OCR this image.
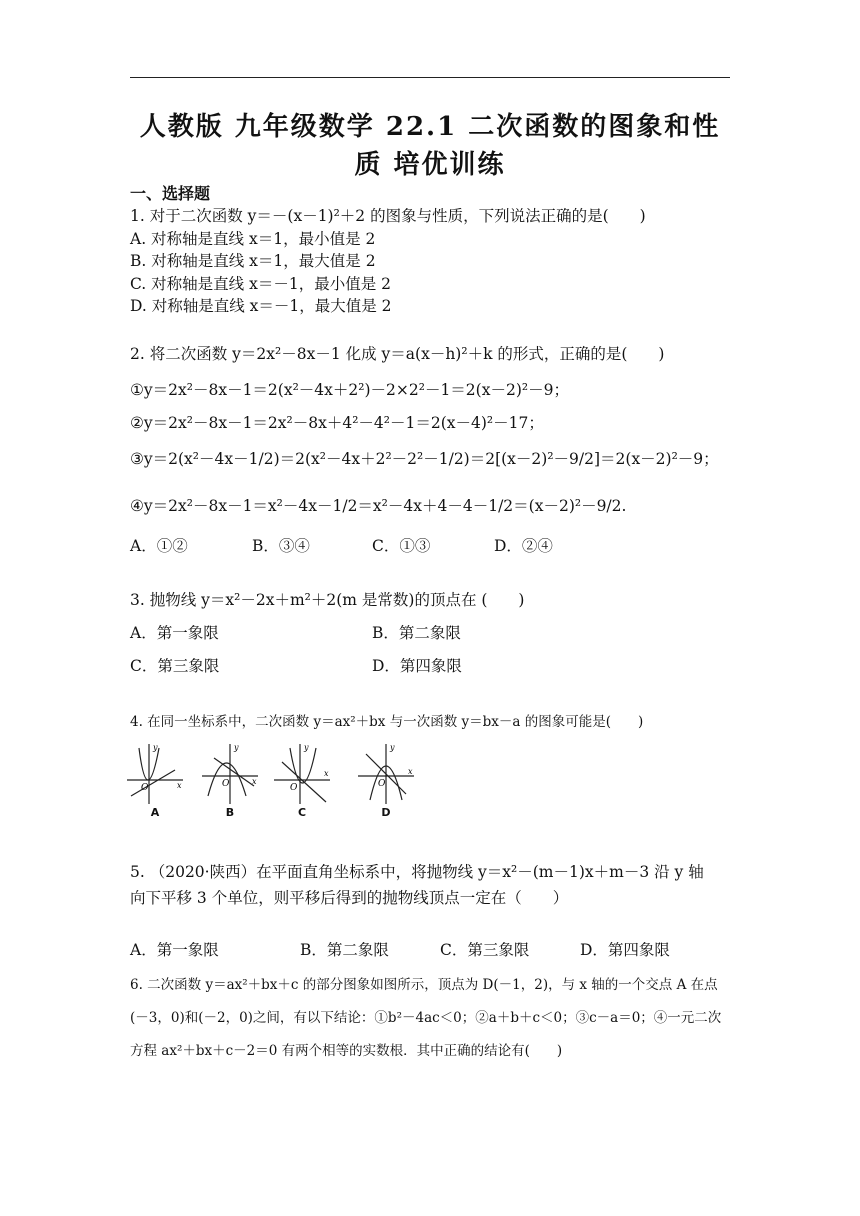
人教版 九年级数学 22.1 二次函数的图象和性
质 培优训练
一、选择题
1. 对于二次函数 y＝－(x－1)²＋2 的图象与性质，下列说法正确的是(　　)
A. 对称轴是直线 x＝1，最小值是 2
B. 对称轴是直线 x＝1，最大值是 2
C. 对称轴是直线 x＝－1，最小值是 2
D. 对称轴是直线 x＝－1，最大值是 2
2. 将二次函数 y＝2x²－8x－1 化成 y＝a(x－h)²＋k 的形式，正确的是(　　)
①y＝2x²－8x－1＝2(x²－4x＋2²)－2×2²－1＝2(x－2)²－9；
②y＝2x²－8x－1＝2x²－8x＋4²－4²－1＝2(x－4)²－17；
③y＝2(x²－4x－1/2)＝2(x²－4x＋2²－2²－1/2)＝2[(x－2)²－9/2]＝2(x－2)²－9；
④y＝2x²－8x－1＝x²－4x－1/2＝x²－4x＋4－4－1/2＝(x－2)²－9/2.
A．①②	B．③④	C．①③	D．②④
3. 抛物线 y＝x²－2x＋m²＋2(m 是常数)的顶点在 (　　)
A．第一象限	B．第二象限
C．第三象限	D．第四象限
4. 在同一坐标系中，二次函数 y＝ax²＋bx 与一次函数 y＝bx－a 的图象可能是(　　)
y
x
O
A
y
x
O
B
y
x
O
C
y
x
O
D
5. （2020·陕西）在平面直角坐标系中，将抛物线 y＝x²－(m－1)x＋m－3 沿 y 轴
向下平移 3 个单位，则平移后得到的抛物线顶点一定在（　　）
A．第一象限	B．第二象限	C．第三象限	D．第四象限
6. 二次函数 y＝ax²＋bx＋c 的部分图象如图所示，顶点为 D(－1，2)，与 x 轴的一个交点 A 在点
(－3，0)和(－2，0)之间，有以下结论：①b²－4ac＜0；②a＋b＋c＜0；③c－a＝0；④一元二次
方程 ax²＋bx＋c－2＝0 有两个相等的实数根．其中正确的结论有(　　)
